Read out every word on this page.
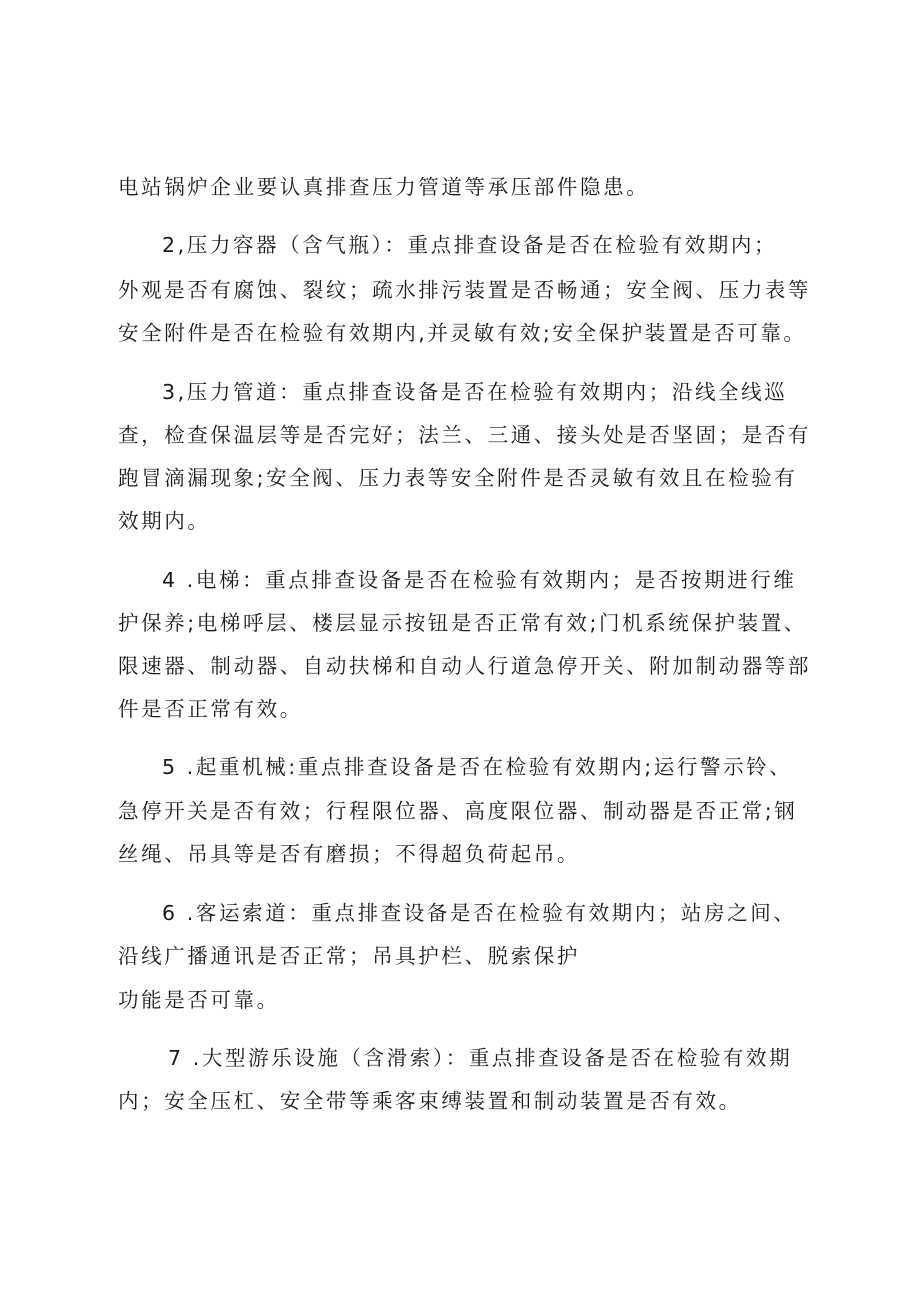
电站锅炉企业要认真排查压力管道等承压部件隐患。
2,压力容器（含气瓶）：重点排查设备是否在检验有效期内；
外观是否有腐蚀、裂纹；疏水排污装置是否畅通；安全阀、压力表等
安全附件是否在检验有效期内,并灵敏有效;安全保护装置是否可靠。
3,压力管道：重点排查设备是否在检验有效期内；沿线全线巡
查，检查保温层等是否完好；法兰、三通、接头处是否坚固；是否有
跑冒滴漏现象;安全阀、压力表等安全附件是否灵敏有效且在检验有
效期内。
4 .电梯：重点排查设备是否在检验有效期内；是否按期进行维
护保养;电梯呼层、楼层显示按钮是否正常有效;门机系统保护装置、
限速器、制动器、自动扶梯和自动人行道急停开关、附加制动器等部
件是否正常有效。
5 .起重机械:重点排查设备是否在检验有效期内;运行警示铃、
急停开关是否有效；行程限位器、高度限位器、制动器是否正常;钢
丝绳、吊具等是否有磨损；不得超负荷起吊。
6 .客运索道：重点排查设备是否在检验有效期内；站房之间、
沿线广播通讯是否正常；吊具护栏、脱索保护
功能是否可靠。
7 .大型游乐设施（含滑索）：重点排查设备是否在检验有效期
内；安全压杠、安全带等乘客束缚装置和制动装置是否有效。
